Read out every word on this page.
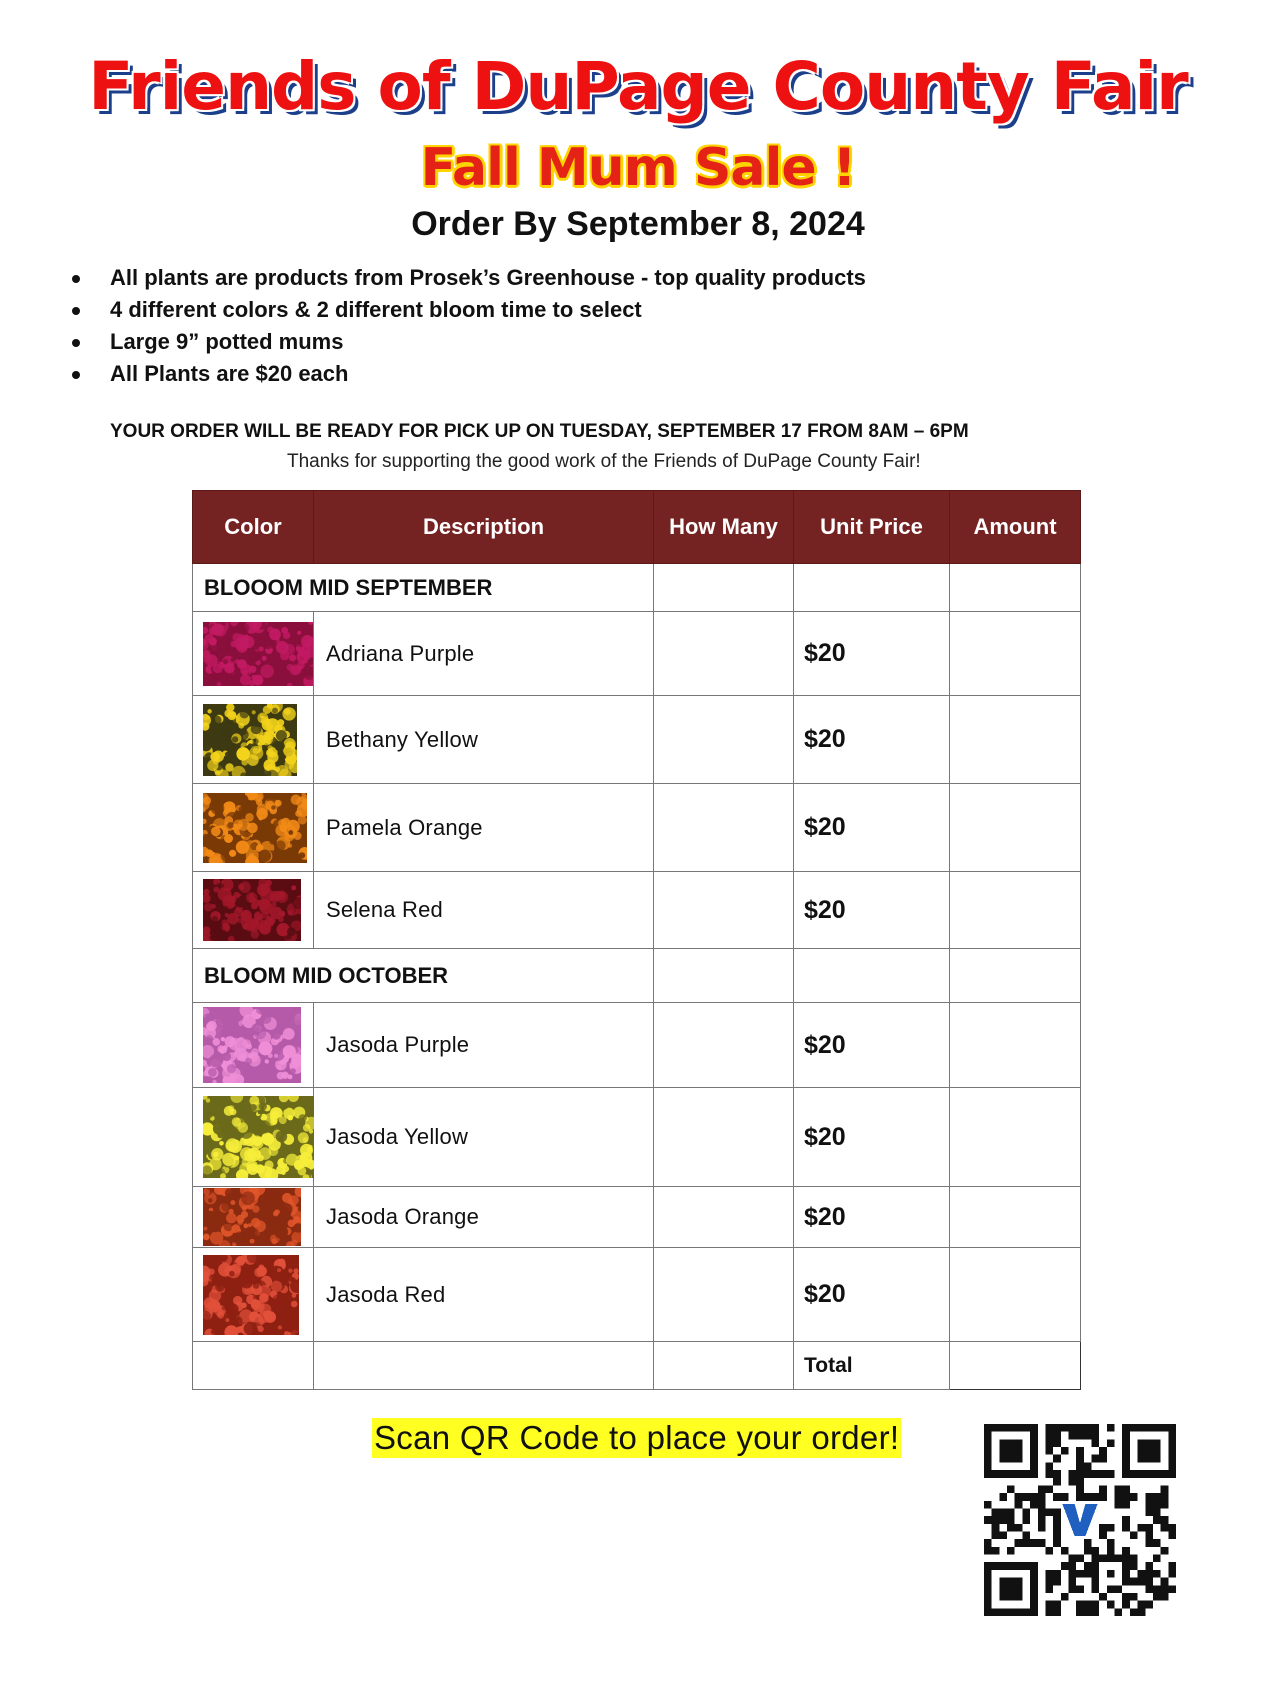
Friends of DuPage County Fair
Fall Mum Sale !
Order By September 8, 2024
All plants are products from Prosek’s Greenhouse - top quality products
4 different colors & 2 different bloom time to select
Large 9” potted mums
All Plants are $20 each

YOUR ORDER WILL BE READY FOR PICK UP ON TUESDAY, SEPTEMBER 17 FROM 8AM – 6PM

Thanks for supporting the good work of the Friends of DuPage County Fair!

Color	Description	How Many	Unit Price	Amount
BLOOOM MID SEPTEMBER				

	Adriana Purple		$20	

	Bethany Yellow		$20	

	Pamela Orange		$20	

	Selena Red		$20	
BLOOM MID OCTOBER				

	Jasoda Purple		$20	

	Jasoda Yellow		$20	

	Jasoda Orange		$20	

	Jasoda Red		$20	
			Total	

Scan QR Code to place your order!
